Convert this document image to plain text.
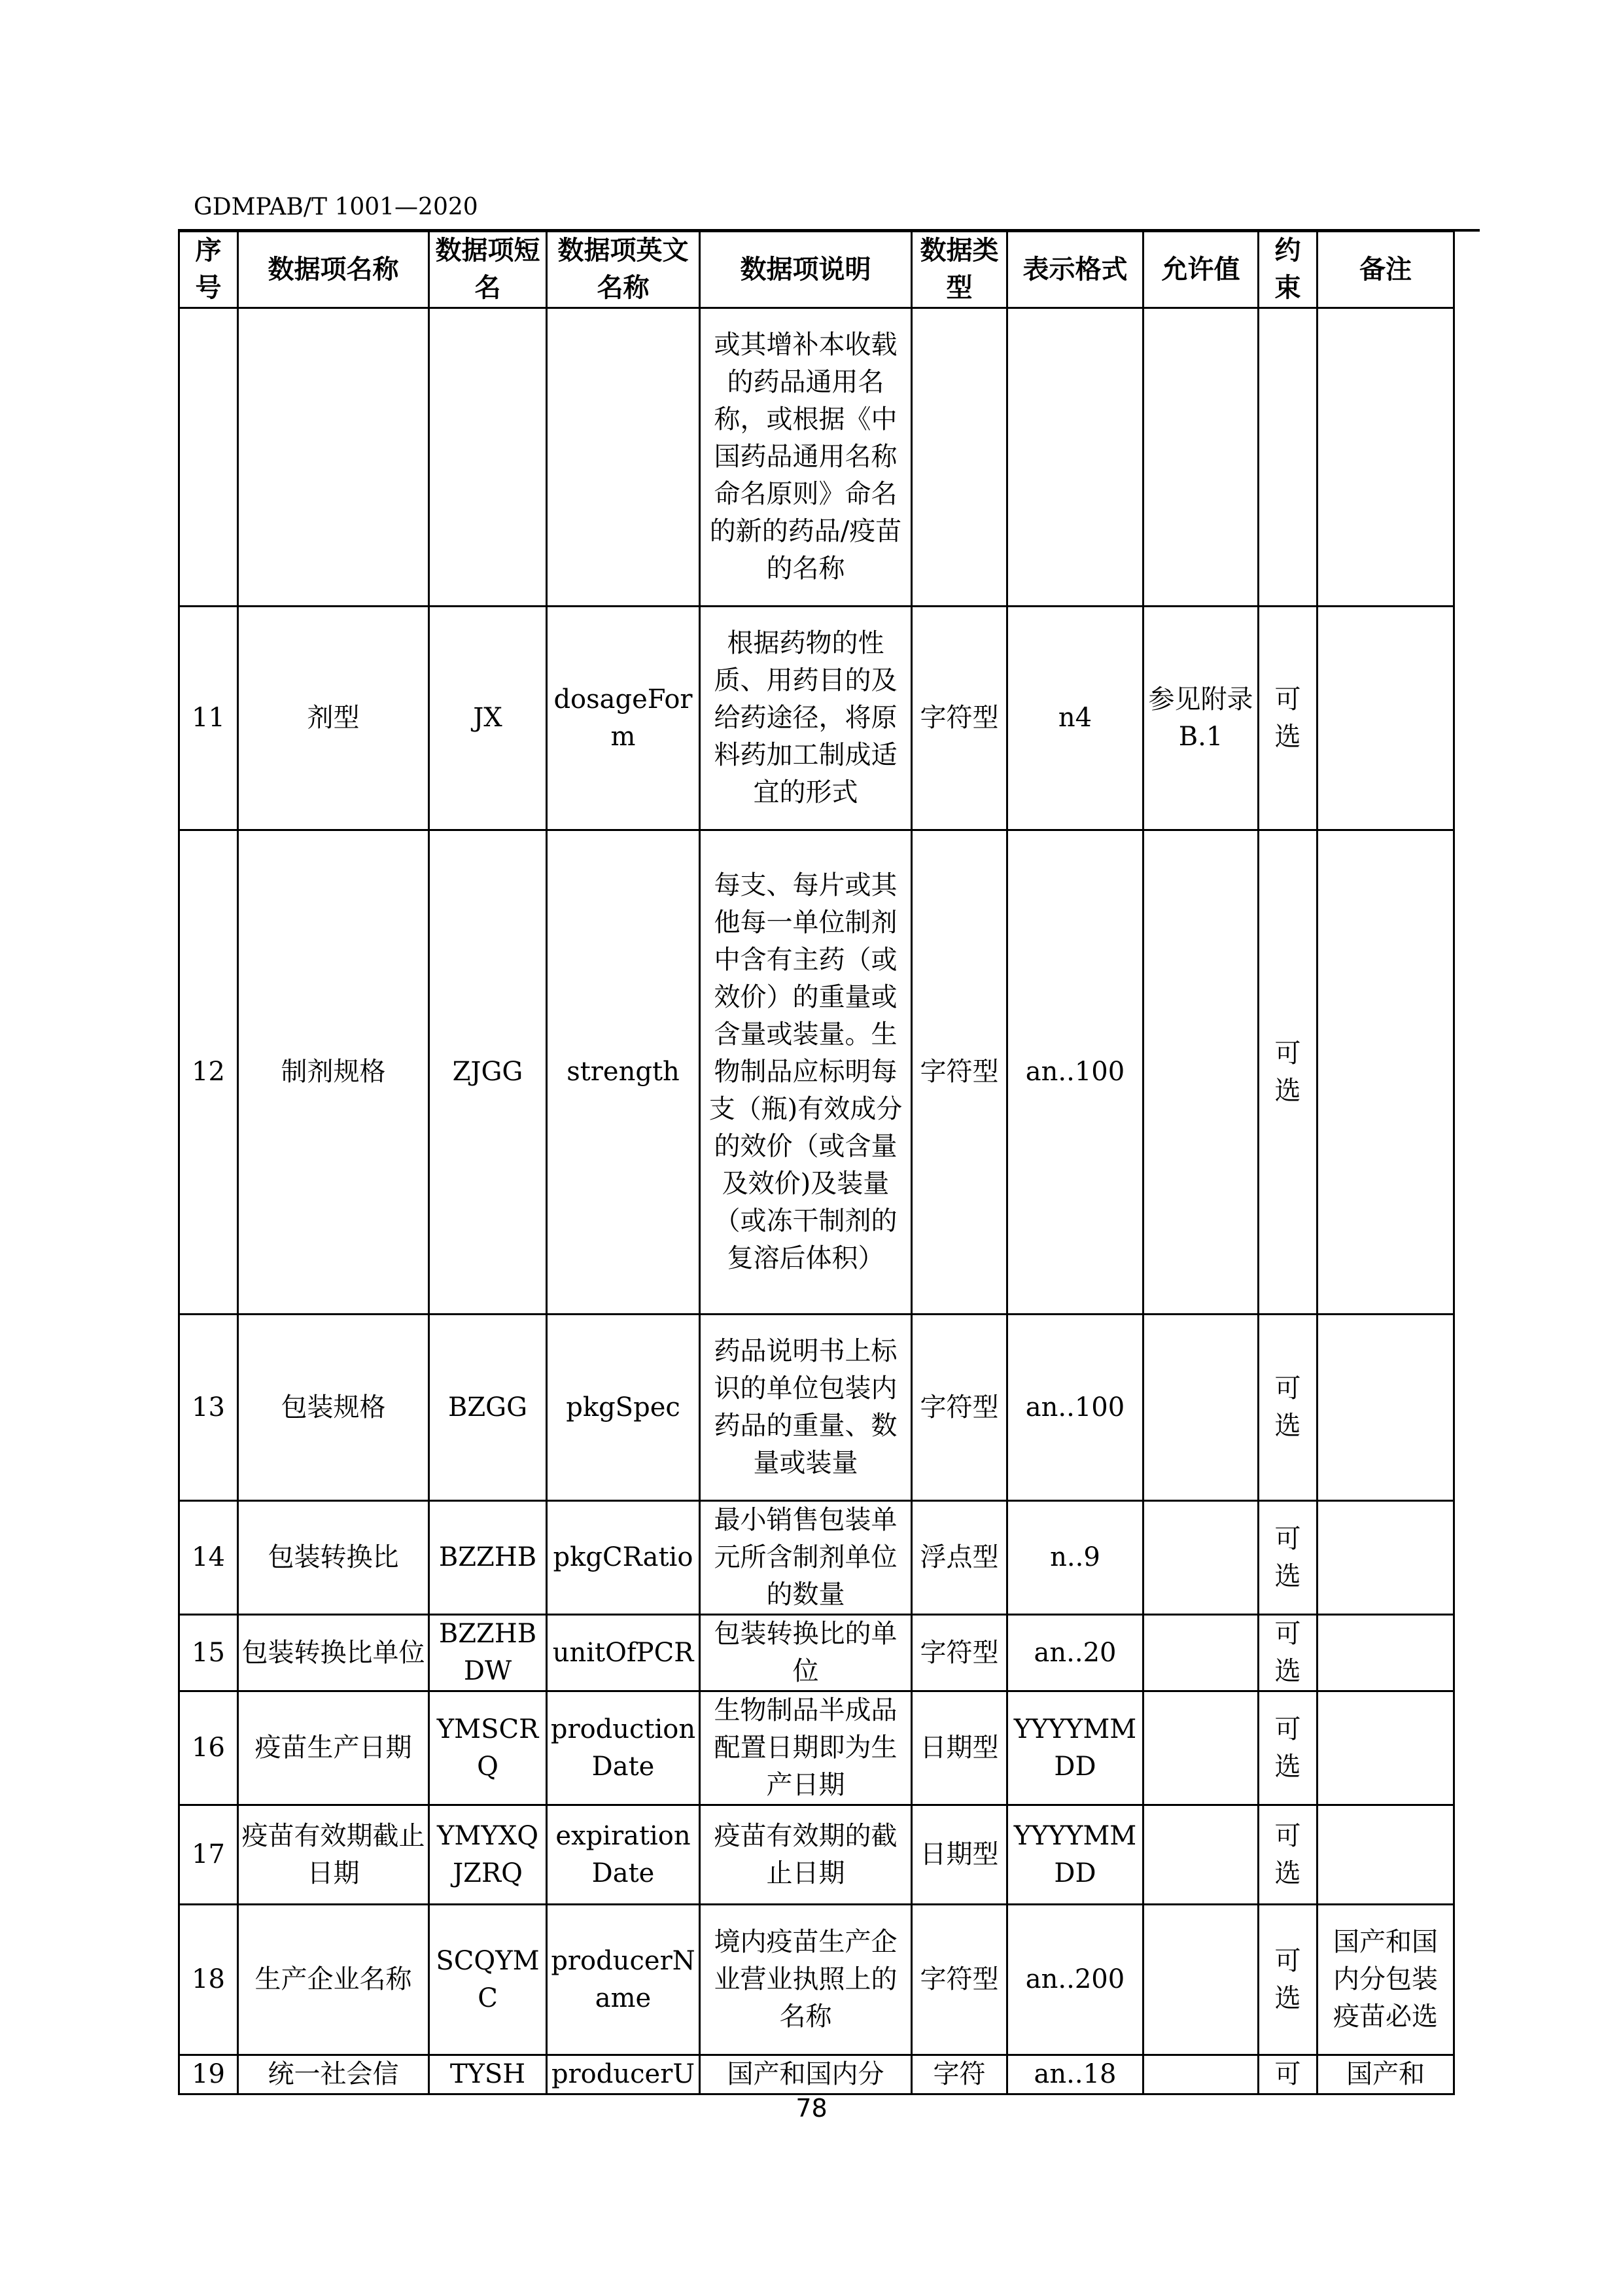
GDMPAB/T 1001—2020
序号	数据项名称	数据项短名	数据项英文名称	数据项说明	数据类型	表示格式	允许值	约束	备注
				或其增补本收载的药品通用名称，或根据《中国药品通用名称命名原则》命名的新的药品/疫苗的名称					
11	剂型	JX	dosageForm	根据药物的性质、用药目的及给药途径，将原料药加工制成适宜的形式	字符型	n4	参见附录B.1	可选	
12	制剂规格	ZJGG	strength	每支、每片或其他每一单位制剂中含有主药（或效价）的重量或含量或装量。生物制品应标明每支（瓶)有效成分的效价（或含量及效价)及装量（或冻干制剂的复溶后体积）	字符型	an..100		可选	
13	包装规格	BZGG	pkgSpec	药品说明书上标识的单位包装内药品的重量、数量或装量	字符型	an..100		可选	
14	包装转换比	BZZHB	pkgCRatio	最小销售包装单元所含制剂单位的数量	浮点型	n..9		可选	
15	包装转换比单位	BZZHBDW	unitOfPCR	包装转换比的单位	字符型	an..20		可选	
16	疫苗生产日期	YMSCRQ	productionDate	生物制品半成品配置日期即为生产日期	日期型	YYYYMMDD		可选	
17	疫苗有效期截止日期	YMYXQJZRQ	expirationDate	疫苗有效期的截止日期	日期型	YYYYMMDD		可选	
18	生产企业名称	SCQYMC	producerName	境内疫苗生产企业营业执照上的名称	字符型	an..200		可选	国产和国内分包装疫苗必选
19	统一社会信	TYSH	producerU	国产和国内分	字符	an..18		可	国产和
78
